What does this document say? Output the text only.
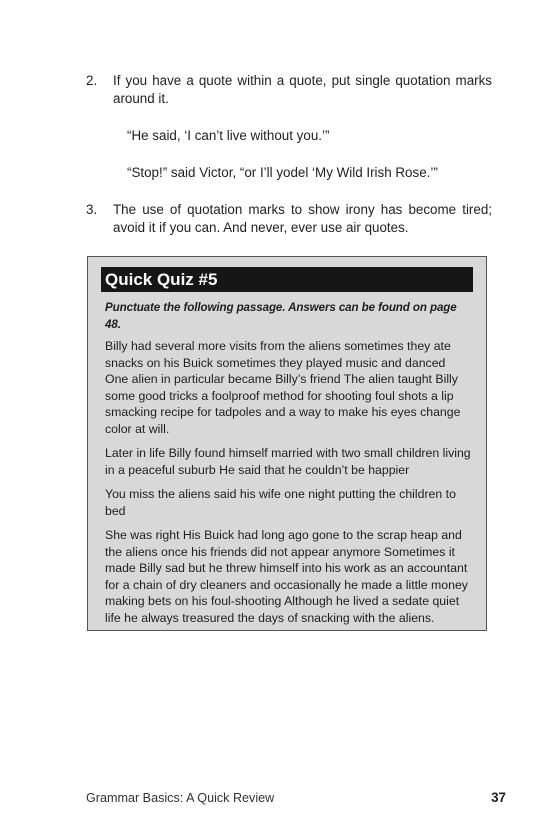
2.	If you have a quote within a quote, put single quotation marks around it.
“He said, ‘I can’t live without you.’”
“Stop!” said Victor, “or I’ll yodel ‘My Wild Irish Rose.’”
3.	The use of quotation marks to show irony has become tired; avoid it if you can. And never, ever use air quotes.
Quick Quiz #5

Punctuate the following passage. Answers can be found on page 48.

Billy had several more visits from the aliens sometimes they ate snacks on his Buick sometimes they played music and danced One alien in particular became Billy’s friend The alien taught Billy some good tricks a foolproof method for shooting foul shots a lip smacking recipe for tadpoles and a way to make his eyes change color at will.

Later in life Billy found himself married with two small children living in a peaceful suburb He said that he couldn’t be happier

You miss the aliens said his wife one night putting the children to bed

She was right His Buick had long ago gone to the scrap heap and the aliens once his friends did not appear anymore Sometimes it made Billy sad but he threw himself into his work as an accountant for a chain of dry cleaners and occasionally he made a little money making bets on his foul-shooting Although he lived a sedate quiet life he always treasured the days of snacking with the aliens.

Grammar Basics: A Quick Review	37
